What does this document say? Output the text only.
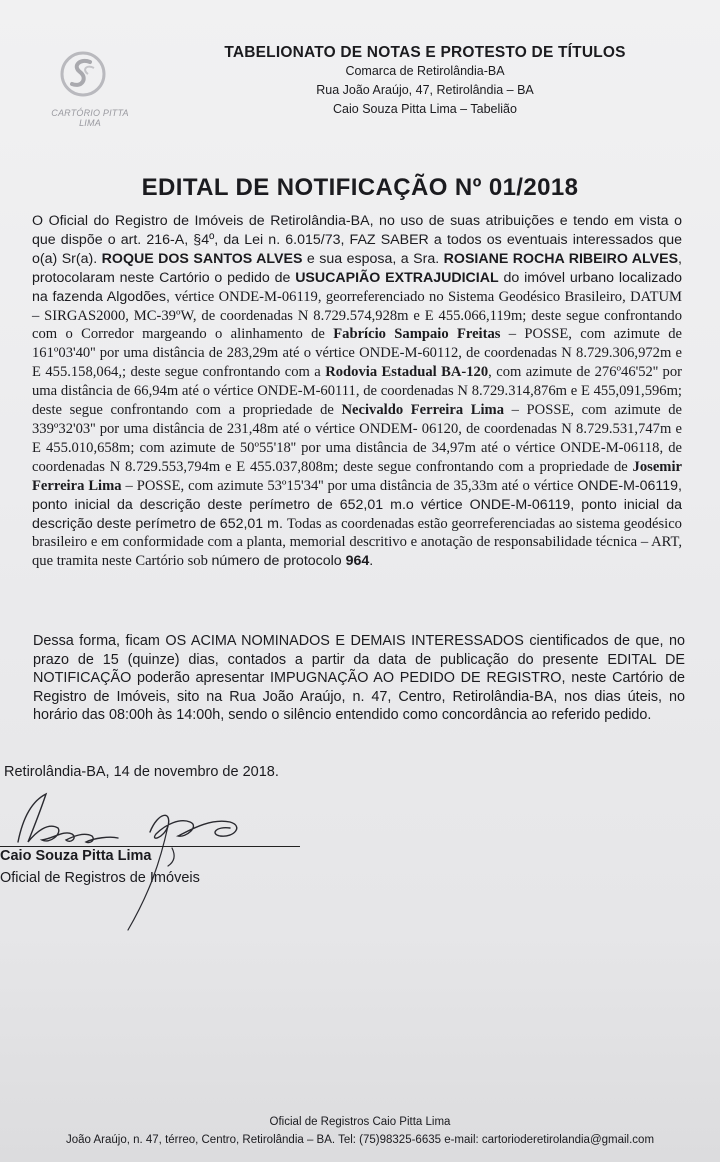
CARTÓRIO PITTA LIMA
TABELIONATO DE NOTAS E PROTESTO DE TÍTULOS
Comarca de Retirolândia-BA
Rua João Araújo, 47, Retirolândia – BA
Caio Souza Pitta Lima – Tabelião
EDITAL DE NOTIFICAÇÃO Nº 01/2018
O Oficial do Registro de Imóveis de Retirolândia-BA, no uso de suas atribuições e tendo em vista o que dispõe o art. 216-A, §4º, da Lei n. 6.015/73, FAZ SABER a todos os eventuais interessados que o(a) Sr(a). ROQUE DOS SANTOS ALVES e sua esposa, a Sra. ROSIANE ROCHA RIBEIRO ALVES, protocolaram neste Cartório o pedido de USUCAPIÃO EXTRAJUDICIAL do imóvel urbano localizado na fazenda Algodões, vértice ONDE-M-06119, georreferenciado no Sistema Geodésico Brasileiro, DATUM – SIRGAS2000, MC-39ºW, de coordenadas N 8.729.574,928m e E 455.066,119m; deste segue confrontando com o Corredor margeando o alinhamento de Fabrício Sampaio Freitas – POSSE, com azimute de 161º03'40'' por uma distância de 283,29m até o vértice ONDE-M-60112, de coordenadas N 8.729.306,972m e E 455.158,064,; deste segue confrontando com a Rodovia Estadual BA-120, com azimute de 276º46'52'' por uma distância de 66,94m até o vértice ONDE-M-60111, de coordenadas N 8.729.314,876m e E 455,091,596m; deste segue confrontando com a propriedade de Necivaldo Ferreira Lima – POSSE, com azimute de 339º32'03'' por uma distância de 231,48m até o vértice ONDEM- 06120, de coordenadas N 8.729.531,747m e E 455.010,658m; com azimute de 50º55'18'' por uma distância de 34,97m até o vértice ONDE-M-06118, de coordenadas N 8.729.553,794m e E 455.037,808m; deste segue confrontando com a propriedade de Josemir Ferreira Lima – POSSE, com azimute 53º15'34'' por uma distância de 35,33m até o vértice ONDE-M-06119, ponto inicial da descrição deste perímetro de 652,01 m.o vértice ONDE-M-06119, ponto inicial da descrição deste perímetro de 652,01 m. Todas as coordenadas estão georreferenciadas ao sistema geodésico brasileiro e em conformidade com a planta, memorial descritivo e anotação de responsabilidade técnica – ART, que tramita neste Cartório sob número de protocolo 964.
Dessa forma, ficam OS ACIMA NOMINADOS E DEMAIS INTERESSADOS cientificados de que, no prazo de 15 (quinze) dias, contados a partir da data de publicação do presente EDITAL DE NOTIFICAÇÃO poderão apresentar IMPUGNAÇÃO AO PEDIDO DE REGISTRO, neste Cartório de Registro de Imóveis, sito na Rua João Araújo, n. 47, Centro, Retirolândia-BA, nos dias úteis, no horário das 08:00h às 14:00h, sendo o silêncio entendido como concordância ao referido pedido.
Retirolândia-BA, 14 de novembro de 2018.
Caio Souza Pitta Lima
Oficial de Registros de Imóveis
Oficial de Registros Caio Pitta Lima
João Araújo, n. 47, térreo, Centro, Retirolândia – BA. Tel: (75)98325-6635 e-mail: cartorioderetirolandia@gmail.com
